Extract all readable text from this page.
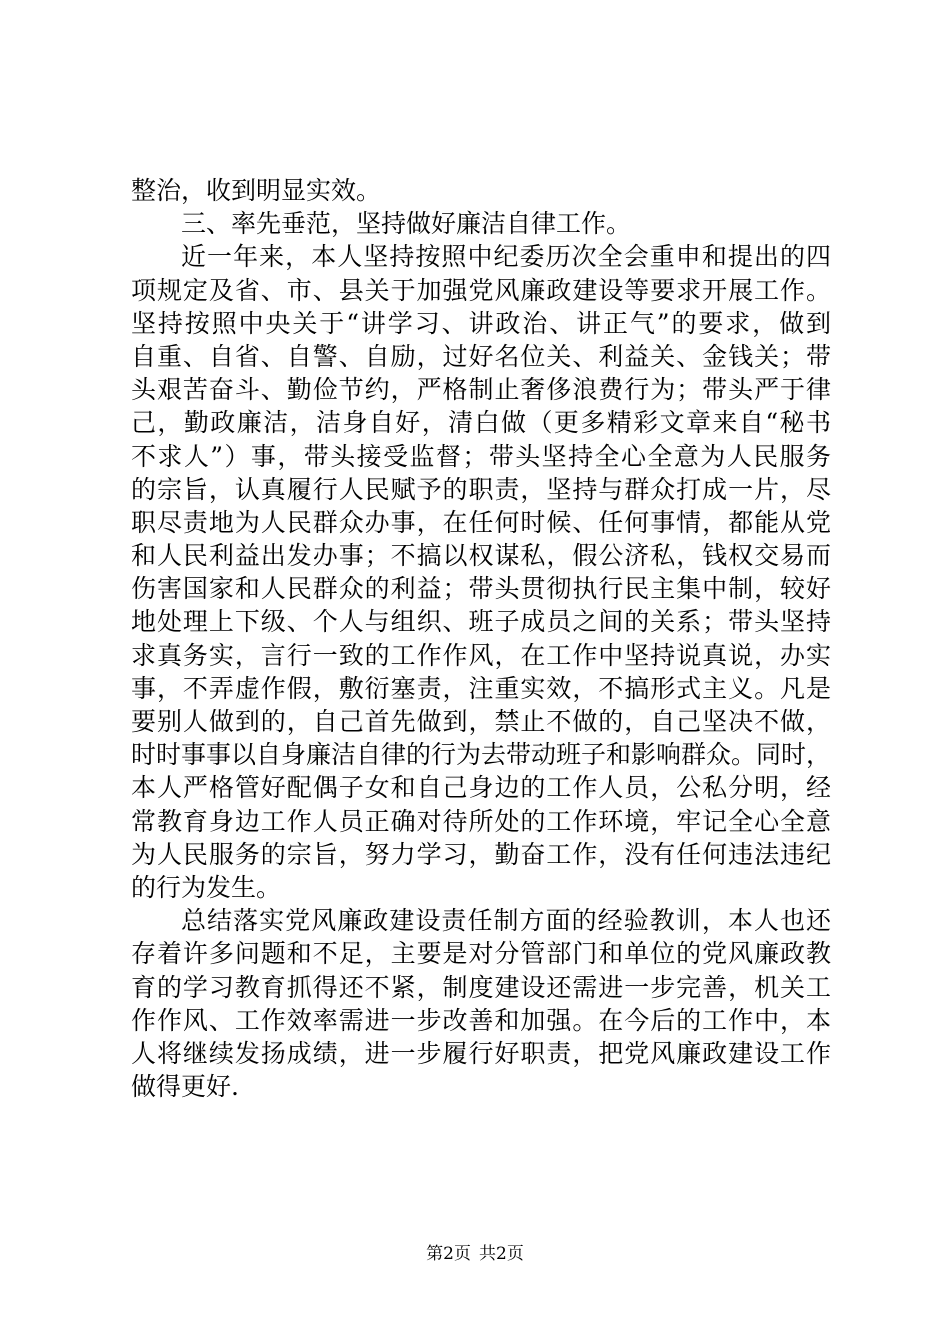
整治，收到明显实效。
三、率先垂范，坚持做好廉洁自律工作。
近一年来，本人坚持按照中纪委历次全会重申和提出的四
项规定及省、市、县关于加强党风廉政建设等要求开展工作。
坚持按照中央关于“讲学习、讲政治、讲正气”的要求，做到
自重、自省、自警、自励，过好名位关、利益关、金钱关；带
头艰苦奋斗、勤俭节约，严格制止奢侈浪费行为；带头严于律
己，勤政廉洁，洁身自好，清白做（更多精彩文章来自“秘书
不求人”）事，带头接受监督；带头坚持全心全意为人民服务
的宗旨，认真履行人民赋予的职责，坚持与群众打成一片，尽
职尽责地为人民群众办事，在任何时候、任何事情，都能从党
和人民利益出发办事；不搞以权谋私，假公济私，钱权交易而
伤害国家和人民群众的利益；带头贯彻执行民主集中制，较好
地处理上下级、个人与组织、班子成员之间的关系；带头坚持
求真务实，言行一致的工作作风，在工作中坚持说真说，办实
事，不弄虚作假，敷衍塞责，注重实效，不搞形式主义。凡是
要别人做到的，自己首先做到，禁止不做的，自己坚决不做，
时时事事以自身廉洁自律的行为去带动班子和影响群众。同时，
本人严格管好配偶子女和自己身边的工作人员，公私分明，经
常教育身边工作人员正确对待所处的工作环境，牢记全心全意
为人民服务的宗旨，努力学习，勤奋工作，没有任何违法违纪
的行为发生。
总结落实党风廉政建设责任制方面的经验教训，本人也还
存着许多问题和不足，主要是对分管部门和单位的党风廉政教
育的学习教育抓得还不紧，制度建设还需进一步完善，机关工
作作风、工作效率需进一步改善和加强。在今后的工作中，本
人将继续发扬成绩，进一步履行好职责，把党风廉政建设工作
做得更好.
第2页 共2页
